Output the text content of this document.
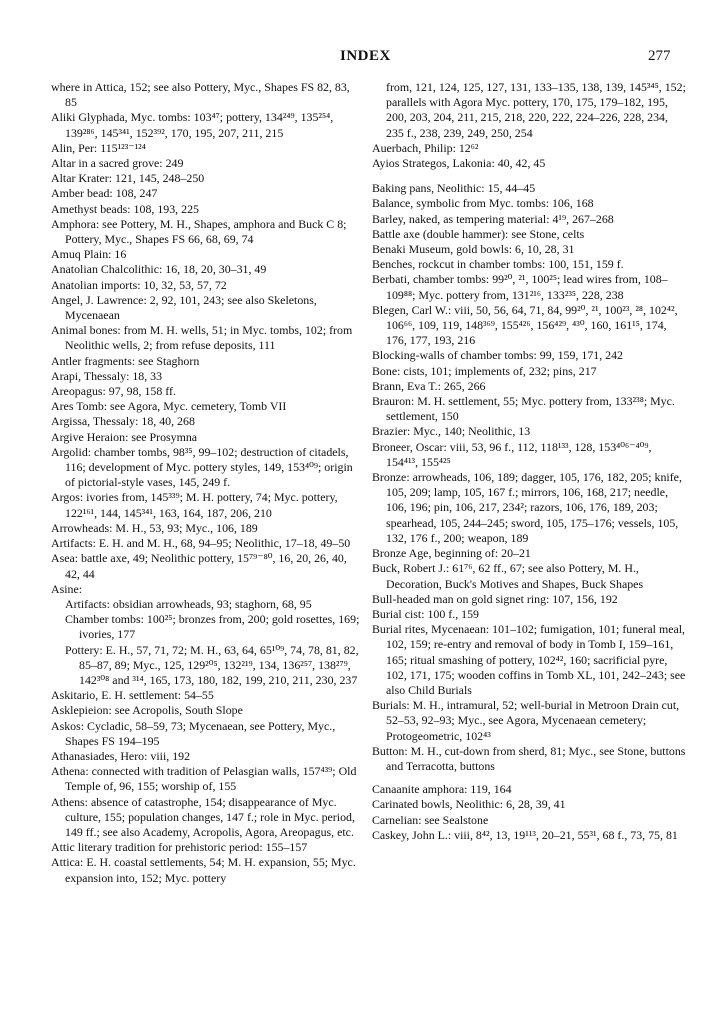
INDEX	277

where in Attica, 152; see also Pottery, Myc., Shapes FS 82, 83, 85

Aliki Glyphada, Myc. tombs: 103⁴⁷; pottery, 134²⁴⁹, 135²⁵⁴, 139²⁸⁶, 145³⁴¹, 152³⁹², 170, 195, 207, 211, 215

Alin, Per: 115¹²³⁻¹²⁴

Altar in a sacred grove: 249

Altar Krater: 121, 145, 248–250

Amber bead: 108, 247

Amethyst beads: 108, 193, 225

Amphora: see Pottery, M. H., Shapes, amphora and Buck C 8; Pottery, Myc., Shapes FS 66, 68, 69, 74

Amuq Plain: 16

Anatolian Chalcolithic: 16, 18, 20, 30–31, 49

Anatolian imports: 10, 32, 53, 57, 72

Angel, J. Lawrence: 2, 92, 101, 243; see also Skeletons, Mycenaean

Animal bones: from M. H. wells, 51; in Myc. tombs, 102; from Neolithic wells, 2; from refuse deposits, 111

Antler fragments: see Staghorn

Arapi, Thessaly: 18, 33

Areopagus: 97, 98, 158 ff.

Ares Tomb: see Agora, Myc. cemetery, Tomb VII

Argissa, Thessaly: 18, 40, 268

Argive Heraion: see Prosymna

Argolid: chamber tombs, 98³⁵, 99–102; destruction of citadels, 116; development of Myc. pottery styles, 149, 153⁴⁰⁹; origin of pictorial-style vases, 145, 249 f.

Argos: ivories from, 145³³⁹; M. H. pottery, 74; Myc. pottery, 122¹⁶¹, 144, 145³⁴¹, 163, 164, 187, 206, 210

Arrowheads: M. H., 53, 93; Myc., 106, 189

Artifacts: E. H. and M. H., 68, 94–95; Neolithic, 17–18, 49–50

Asea: battle axe, 49; Neolithic pottery, 15⁷⁹⁻⁸⁰, 16, 20, 26, 40, 42, 44

Asine:

Artifacts: obsidian arrowheads, 93; staghorn, 68, 95

Chamber tombs: 100²⁵; bronzes from, 200; gold rosettes, 169; ivories, 177

Pottery: E. H., 57, 71, 72; M. H., 63, 64, 65¹⁰⁹, 74, 78, 81, 82, 85–87, 89; Myc., 125, 129²⁰⁵, 132²¹⁹, 134, 136²⁵⁷, 138²⁷⁹, 142³⁰⁸ and ³¹⁴, 165, 173, 180, 182, 199, 210, 211, 230, 237

Askitario, E. H. settlement: 54–55

Asklepieion: see Acropolis, South Slope

Askos: Cycladic, 58–59, 73; Mycenaean, see Pottery, Myc., Shapes FS 194–195

Athanasiades, Hero: viii, 192

Athena: connected with tradition of Pelasgian walls, 157⁴³⁹; Old Temple of, 96, 155; worship of, 155

Athens: absence of catastrophe, 154; disappearance of Myc. culture, 155; population changes, 147 f.; role in Myc. period, 149 ff.; see also Academy, Acropolis, Agora, Areopagus, etc.

Attic literary tradition for prehistoric period: 155–157

Attica: E. H. coastal settlements, 54; M. H. expansion, 55; Myc. expansion into, 152; Myc. pottery

from, 121, 124, 125, 127, 131, 133–135, 138, 139, 145³⁴⁵, 152; parallels with Agora Myc. pottery, 170, 175, 179–182, 195, 200, 203, 204, 211, 215, 218, 220, 222, 224–226, 228, 234, 235 f., 238, 239, 249, 250, 254

Auerbach, Philip: 12⁶²

Ayios Strategos, Lakonia: 40, 42, 45

Baking pans, Neolithic: 15, 44–45

Balance, symbolic from Myc. tombs: 106, 168

Barley, naked, as tempering material: 4¹⁹, 267–268

Battle axe (double hammer): see Stone, celts

Benaki Museum, gold bowls: 6, 10, 28, 31

Benches, rockcut in chamber tombs: 100, 151, 159 f.

Berbati, chamber tombs: 99²⁰, ²¹, 100²⁵; lead wires from, 108–109⁸⁸; Myc. pottery from, 131²¹⁶, 133²³⁵, 228, 238

Blegen, Carl W.: viii, 50, 56, 64, 71, 84, 99²⁰, ²¹, 100²³, ²⁸, 102⁴², 106⁶⁶, 109, 119, 148³⁶⁹, 155⁴²⁶, 156⁴²⁹, ⁴³⁰, 160, 161¹⁵, 174, 176, 177, 193, 216

Blocking-walls of chamber tombs: 99, 159, 171, 242

Bone: cists, 101; implements of, 232; pins, 217

Brann, Eva T.: 265, 266

Brauron: M. H. settlement, 55; Myc. pottery from, 133²³⁸; Myc. settlement, 150

Brazier: Myc., 140; Neolithic, 13

Broneer, Oscar: viii, 53, 96 f., 112, 118¹³³, 128, 153⁴⁰⁶⁻⁴⁰⁹, 154⁴¹³, 155⁴²⁵

Bronze: arrowheads, 106, 189; dagger, 105, 176, 182, 205; knife, 105, 209; lamp, 105, 167 f.; mirrors, 106, 168, 217; needle, 106, 196; pin, 106, 217, 234²; razors, 106, 176, 189, 203; spearhead, 105, 244–245; sword, 105, 175–176; vessels, 105, 132, 176 f., 200; weapon, 189

Bronze Age, beginning of: 20–21

Buck, Robert J.: 61⁷⁶, 62 ff., 67; see also Pottery, M. H., Decoration, Buck's Motives and Shapes, Buck Shapes

Bull-headed man on gold signet ring: 107, 156, 192

Burial cist: 100 f., 159

Burial rites, Mycenaean: 101–102; fumigation, 101; funeral meal, 102, 159; re-entry and removal of body in Tomb I, 159–161, 165; ritual smashing of pottery, 102⁴², 160; sacrificial pyre, 102, 171, 175; wooden coffins in Tomb XL, 101, 242–243; see also Child Burials

Burials: M. H., intramural, 52; well-burial in Metroon Drain cut, 52–53, 92–93; Myc., see Agora, Mycenaean cemetery; Protogeometric, 102⁴³

Button: M. H., cut-down from sherd, 81; Myc., see Stone, buttons and Terracotta, buttons

Canaanite amphora: 119, 164

Carinated bowls, Neolithic: 6, 28, 39, 41

Carnelian: see Sealstone

Caskey, John L.: viii, 8⁴², 13, 19¹¹³, 20–21, 55³¹, 68 f., 73, 75, 81
